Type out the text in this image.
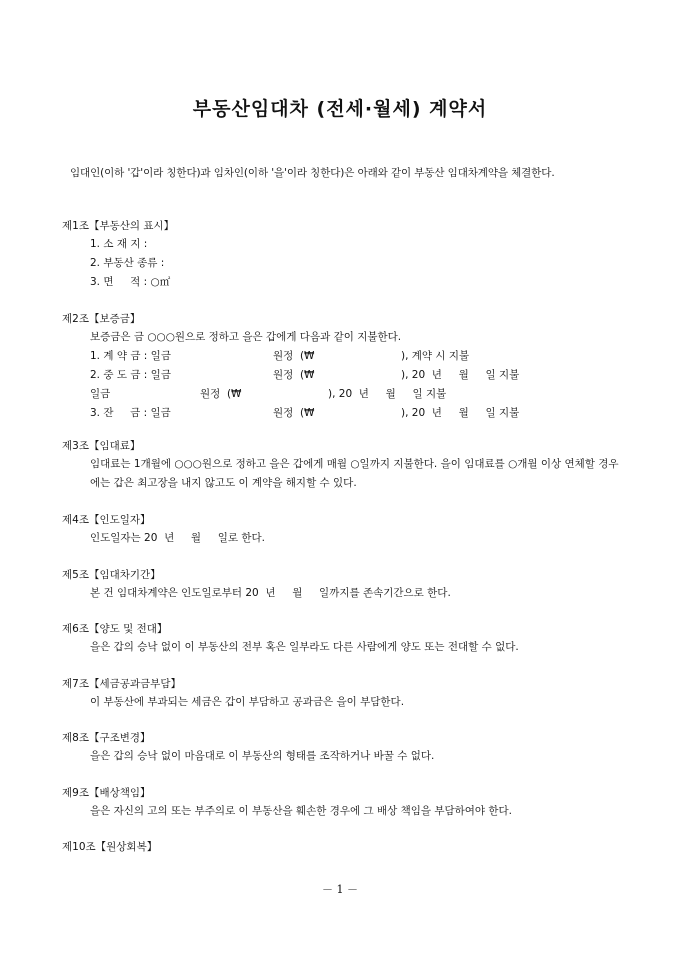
부동산임대차 (전세·월세) 계약서
임대인(이하 '갑'이라 칭한다)과 임차인(이하 '을'이라 칭한다)은 아래와 같이 부동산 임대차계약을 체결한다.
제1조【부동산의 표시】
1. 소 재 지 :
2. 부동산 종류 :
3. 면     적 : ○㎡
제2조【보증금】
보증금은 금 ○○○원으로 정하고 을은 갑에게 다음과 같이 지불한다.
1. 계 약 금 : 일금	원정  (₩	), 계약 시 지불
2. 중 도 금 : 일금	원정  (₩	), 20  년     월     일 지불
일금	원정  (₩	), 20  년     월     일 지불
3. 잔     금 : 일금	원정  (₩	), 20  년     월     일 지불
제3조【임대료】
임대료는 1개월에 ○○○원으로 정하고 을은 갑에게 매월 ○일까지 지불한다. 을이 임대료를 ○개월 이상 연체할 경우에는 갑은 최고장을 내지 않고도 이 계약을 해지할 수 있다.
제4조【인도일자】
인도일자는 20  년     월     일로 한다.
제5조【임대차기간】
본 건 임대차계약은 인도일로부터 20  년     월     일까지를 존속기간으로 한다.
제6조【양도 및 전대】
을은 갑의 승낙 없이 이 부동산의 전부 혹은 일부라도 다른 사람에게 양도 또는 전대할 수 없다.
제7조【세금공과금부담】
이 부동산에 부과되는 세금은 갑이 부담하고 공과금은 을이 부담한다.
제8조【구조변경】
을은 갑의 승낙 없이 마음대로 이 부동산의 형태를 조작하거나 바꿀 수 없다.
제9조【배상책임】
을은 자신의 고의 또는 부주의로 이 부동산을 훼손한 경우에 그 배상 책임을 부담하여야 한다.
제10조【원상회복】
－ 1 －
